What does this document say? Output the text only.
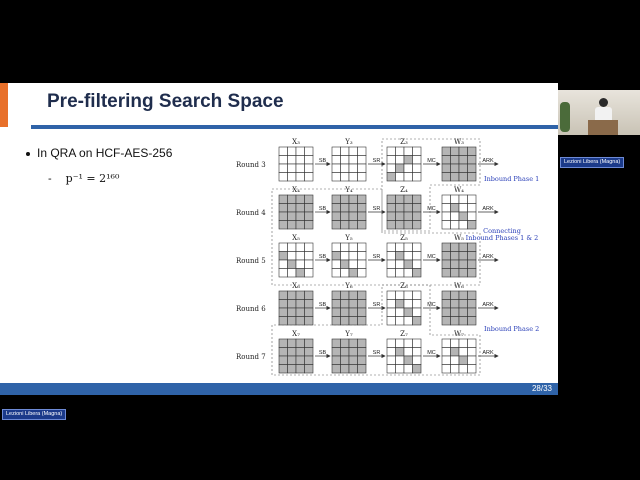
Pre-filtering Search Space
In QRA on HCF-AES-256
- p⁻¹ = 2¹⁶⁰
Round 3
X₃
SB
Y₃
SR
Z₃
MC
W₃
ARK
Round 4
X₄
SB
Y₄
SR
Z₄
MC
W₄
ARK
Round 5
X₅
SB
Y₅
SR
Z₅
MC
W₅
ARK
Round 6
X₆
SB
Y₆
SR
Z₆
MC
W₆
ARK
Round 7
X₇
SB
Y₇
SR
Z₇
MC
W₇
ARK
Inbound Phase 1
Connecting Inbound Phases 1 & 2
Inbound Phase 2
28/33
Lezioni Libera (Magna)
Lezioni Libera (Magna)
